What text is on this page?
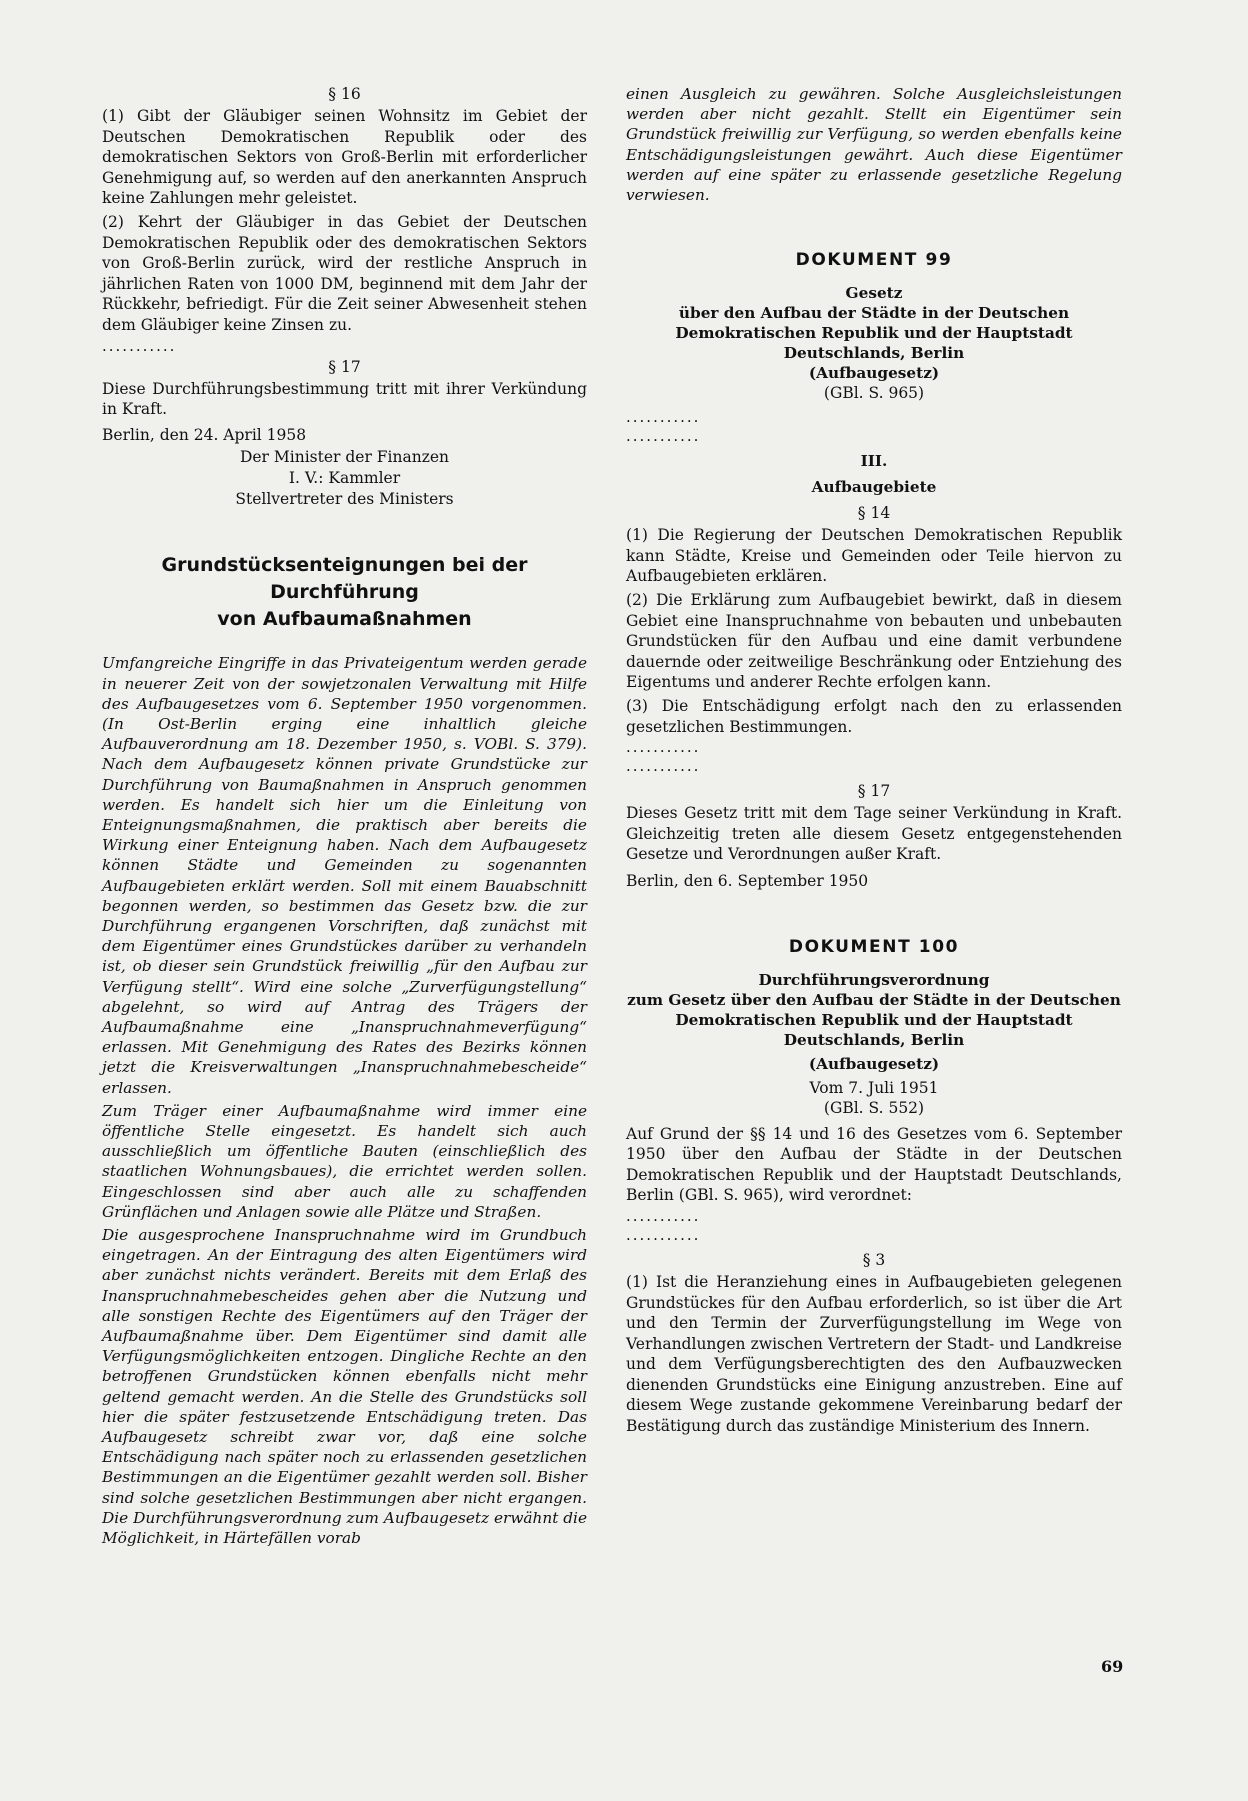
§ 16

(1) Gibt der Gläubiger seinen Wohnsitz im Gebiet der Deutschen Demokratischen Republik oder des demokratischen Sektors von Groß-Berlin mit erforderlicher Genehmigung auf, so werden auf den anerkannten Anspruch keine Zahlungen mehr geleistet.

(2) Kehrt der Gläubiger in das Gebiet der Deutschen Demokratischen Republik oder des demokratischen Sektors von Groß-Berlin zurück, wird der restliche Anspruch in jährlichen Raten von 1000 DM, beginnend mit dem Jahr der Rückkehr, befriedigt. Für die Zeit seiner Abwesenheit stehen dem Gläubiger keine Zinsen zu.

...........

§ 17

Diese Durchführungsbestimmung tritt mit ihrer Verkündung in Kraft.

Berlin, den 24. April 1958

Der Minister der Finanzen

I. V.: Kammler

Stellvertreter des Ministers

Grundstücksenteignungen bei der Durchführung

von Aufbaumaßnahmen

Umfangreiche Eingriffe in das Privateigentum werden gerade in neuerer Zeit von der sowjetzonalen Verwaltung mit Hilfe des Aufbaugesetzes vom 6. September 1950 vorgenommen. (In Ost-Berlin erging eine inhaltlich gleiche Aufbauverordnung am 18. Dezember 1950, s. VOBl. S. 379). Nach dem Aufbaugesetz können private Grundstücke zur Durchführung von Baumaßnahmen in Anspruch genommen werden. Es handelt sich hier um die Einleitung von Enteignungsmaßnahmen, die praktisch aber bereits die Wirkung einer Enteignung haben. Nach dem Aufbaugesetz können Städte und Gemeinden zu sogenannten Aufbaugebieten erklärt werden. Soll mit einem Bauabschnitt begonnen werden, so bestimmen das Gesetz bzw. die zur Durchführung ergangenen Vorschriften, daß zunächst mit dem Eigentümer eines Grundstückes darüber zu verhandeln ist, ob dieser sein Grundstück freiwillig „für den Aufbau zur Verfügung stellt“. Wird eine solche „Zurverfügungstellung“ abgelehnt, so wird auf Antrag des Trägers der Aufbaumaßnahme eine „Inanspruchnahmeverfügung“ erlassen. Mit Genehmigung des Rates des Bezirks können jetzt die Kreisverwaltungen „Inanspruchnahmebescheide“ erlassen.

Zum Träger einer Aufbaumaßnahme wird immer eine öffentliche Stelle eingesetzt. Es handelt sich auch ausschließlich um öffentliche Bauten (einschließlich des staatlichen Wohnungsbaues), die errichtet werden sollen. Eingeschlossen sind aber auch alle zu schaffenden Grünflächen und Anlagen sowie alle Plätze und Straßen.

Die ausgesprochene Inanspruchnahme wird im Grundbuch eingetragen. An der Eintragung des alten Eigentümers wird aber zunächst nichts verändert. Bereits mit dem Erlaß des Inanspruchnahmebescheides gehen aber die Nutzung und alle sonstigen Rechte des Eigentümers auf den Träger der Aufbaumaßnahme über. Dem Eigentümer sind damit alle Verfügungsmöglichkeiten entzogen. Dingliche Rechte an den betroffenen Grundstücken können ebenfalls nicht mehr geltend gemacht werden. An die Stelle des Grundstücks soll hier die später festzusetzende Entschädigung treten. Das Aufbaugesetz schreibt zwar vor, daß eine solche Entschädigung nach später noch zu erlassenden gesetzlichen Bestimmungen an die Eigentümer gezahlt werden soll. Bisher sind solche gesetzlichen Bestimmungen aber nicht ergangen. Die Durchführungsverordnung zum Aufbaugesetz erwähnt die Möglichkeit, in Härtefällen vorab

einen Ausgleich zu gewähren. Solche Ausgleichsleistungen werden aber nicht gezahlt. Stellt ein Eigentümer sein Grundstück freiwillig zur Verfügung, so werden ebenfalls keine Entschädigungsleistungen gewährt. Auch diese Eigentümer werden auf eine später zu erlassende gesetzliche Regelung verwiesen.

DOKUMENT 99

Gesetz

über den Aufbau der Städte in der Deutschen Demokratischen Republik und der Hauptstadt Deutschlands, Berlin

(Aufbaugesetz)

(GBl. S. 965)

...........

...........

III.

Aufbaugebiete

§ 14

(1) Die Regierung der Deutschen Demokratischen Republik kann Städte, Kreise und Gemeinden oder Teile hiervon zu Aufbaugebieten erklären.

(2) Die Erklärung zum Aufbaugebiet bewirkt, daß in diesem Gebiet eine Inanspruchnahme von bebauten und unbebauten Grundstücken für den Aufbau und eine damit verbundene dauernde oder zeitweilige Beschränkung oder Entziehung des Eigentums und anderer Rechte erfolgen kann.

(3) Die Entschädigung erfolgt nach den zu erlassenden gesetzlichen Bestimmungen.

...........

...........

§ 17

Dieses Gesetz tritt mit dem Tage seiner Verkündung in Kraft. Gleichzeitig treten alle diesem Gesetz entgegenstehenden Gesetze und Verordnungen außer Kraft.

Berlin, den 6. September 1950

DOKUMENT 100

Durchführungsverordnung

zum Gesetz über den Aufbau der Städte in der Deutschen Demokratischen Republik und der Hauptstadt Deutschlands, Berlin

(Aufbaugesetz)

Vom 7. Juli 1951

(GBl. S. 552)

Auf Grund der §§ 14 und 16 des Gesetzes vom 6. September 1950 über den Aufbau der Städte in der Deutschen Demokratischen Republik und der Hauptstadt Deutschlands, Berlin (GBl. S. 965), wird verordnet:

...........

...........

§ 3

(1) Ist die Heranziehung eines in Aufbaugebieten gelegenen Grundstückes für den Aufbau erforderlich, so ist über die Art und den Termin der Zurverfügungstellung im Wege von Verhandlungen zwischen Vertretern der Stadt- und Landkreise und dem Verfügungsberechtigten des den Aufbauzwecken dienenden Grundstücks eine Einigung anzustreben. Eine auf diesem Wege zustande gekommene Vereinbarung bedarf der Bestätigung durch das zuständige Ministerium des Innern.

69
